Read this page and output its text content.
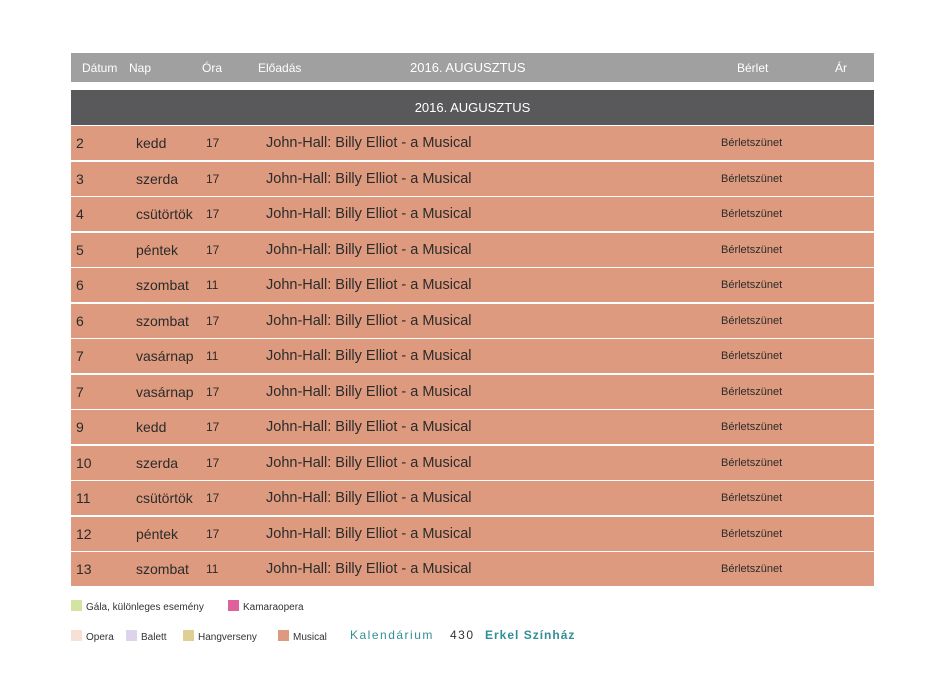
Dátum Nap	Óra	Előadás	2016. AUGUSZTUS	Bérlet	Ár
2016. AUGUSZTUS
2	kedd	17	John-Hall: Billy Elliot - a Musical	Bérletszünet
3	szerda 17	John-Hall: Billy Elliot - a Musical	Bérletszünet
4	csütörtök 17	John-Hall: Billy Elliot - a Musical	Bérletszünet
5	péntek 17	John-Hall: Billy Elliot - a Musical	Bérletszünet
6	szombat 11	John-Hall: Billy Elliot - a Musical	Bérletszünet
6	szombat 17	John-Hall: Billy Elliot - a Musical	Bérletszünet
7	vasárnap 11	John-Hall: Billy Elliot - a Musical	Bérletszünet
7	vasárnap 17	John-Hall: Billy Elliot - a Musical	Bérletszünet
9	kedd	17	John-Hall: Billy Elliot - a Musical	Bérletszünet
10	szerda 17	John-Hall: Billy Elliot - a Musical	Bérletszünet
11	csütörtök 17	John-Hall: Billy Elliot - a Musical	Bérletszünet
12	péntek 17	John-Hall: Billy Elliot - a Musical	Bérletszünet
13	szombat 11	John-Hall: Billy Elliot - a Musical	Bérletszünet
Gála, különleges esemény	Kamaraopera
Opera	Balett	Hangverseny	Musical Kalendárium 430 Erkel Színház
